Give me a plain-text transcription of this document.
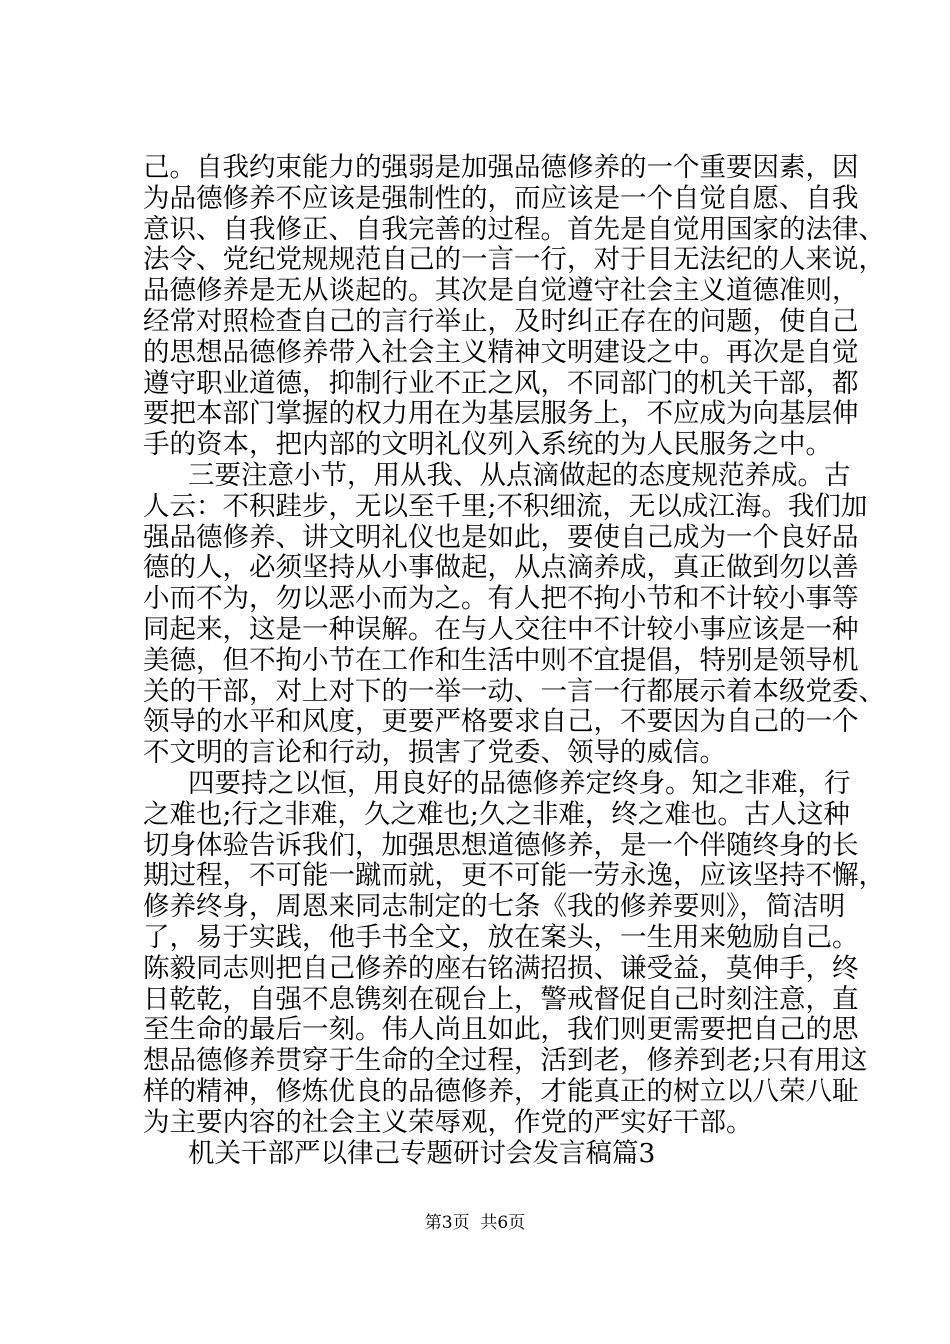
己。自我约束能力的强弱是加强品德修养的一个重要因素，因
为品德修养不应该是强制性的，而应该是一个自觉自愿、自我
意识、自我修正、自我完善的过程。首先是自觉用国家的法律、
法令、党纪党规规范自己的一言一行，对于目无法纪的人来说，
品德修养是无从谈起的。其次是自觉遵守社会主义道德准则，
经常对照检查自己的言行举止，及时纠正存在的问题，使自己
的思想品德修养带入社会主义精神文明建设之中。再次是自觉
遵守职业道德，抑制行业不正之风，不同部门的机关干部，都
要把本部门掌握的权力用在为基层服务上，不应成为向基层伸
手的资本，把内部的文明礼仪列入系统的为人民服务之中。
三要注意小节，用从我、从点滴做起的态度规范养成。古
人云：不积跬步，无以至千里;不积细流，无以成江海。我们加
强品德修养、讲文明礼仪也是如此，要使自己成为一个良好品
德的人，必须坚持从小事做起，从点滴养成，真正做到勿以善
小而不为，勿以恶小而为之。有人把不拘小节和不计较小事等
同起来，这是一种误解。在与人交往中不计较小事应该是一种
美德，但不拘小节在工作和生活中则不宜提倡，特别是领导机
关的干部，对上对下的一举一动、一言一行都展示着本级党委、
领导的水平和风度，更要严格要求自己，不要因为自己的一个
不文明的言论和行动，损害了党委、领导的威信。
四要持之以恒，用良好的品德修养定终身。知之非难，行
之难也;行之非难，久之难也;久之非难，终之难也。古人这种
切身体验告诉我们，加强思想道德修养，是一个伴随终身的长
期过程，不可能一蹴而就，更不可能一劳永逸，应该坚持不懈，
修养终身，周恩来同志制定的七条《我的修养要则》，简洁明
了，易于实践，他手书全文，放在案头，一生用来勉励自己。
陈毅同志则把自己修养的座右铭满招损、谦受益，莫伸手，终
日乾乾，自强不息镌刻在砚台上，警戒督促自己时刻注意，直
至生命的最后一刻。伟人尚且如此，我们则更需要把自己的思
想品德修养贯穿于生命的全过程，活到老，修养到老;只有用这
样的精神，修炼优良的品德修养，才能真正的树立以八荣八耻
为主要内容的社会主义荣辱观，作党的严实好干部。
机关干部严以律己专题研讨会发言稿篇3
第3页  共6页
